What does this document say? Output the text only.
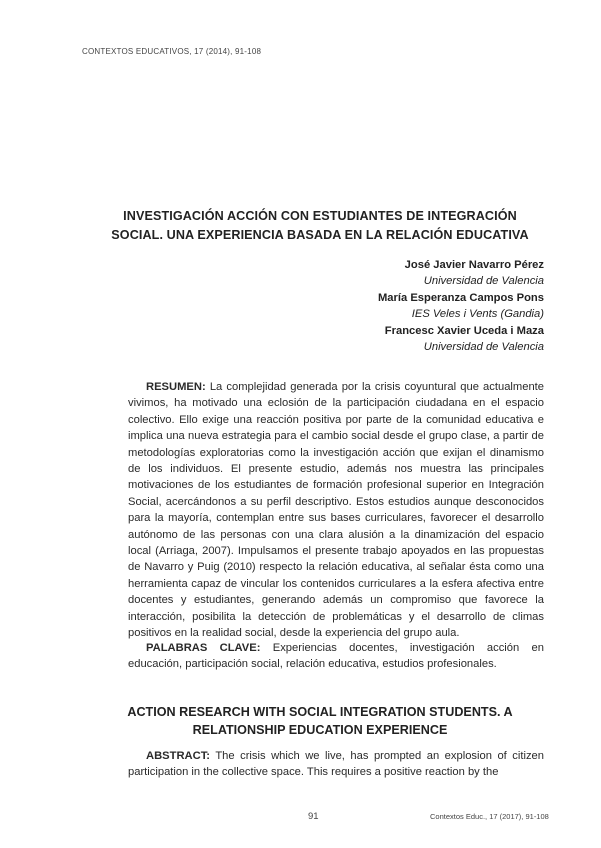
CONTEXTOS EDUCATIVOS, 17 (2014), 91-108
INVESTIGACIÓN ACCIÓN CON ESTUDIANTES DE INTEGRACIÓN
SOCIAL. UNA EXPERIENCIA BASADA EN LA RELACIÓN EDUCATIVA
José Javier Navarro Pérez
Universidad de Valencia
María Esperanza Campos Pons
IES Veles i Vents (Gandia)
Francesc Xavier Uceda i Maza
Universidad de Valencia

RESUMEN: La complejidad generada por la crisis coyuntural que actualmente vivimos, ha motivado una eclosión de la participación ciudadana en el espacio colectivo. Ello exige una reacción positiva por parte de la comunidad educativa e implica una nueva estrategia para el cambio social desde el grupo clase, a partir de metodologías exploratorias como la investigación acción que exijan el dinamismo de los individuos. El presente estudio, además nos muestra las principales motivaciones de los estudiantes de formación profesional superior en Integración Social, acercándonos a su perfil descriptivo. Estos estudios aunque desconocidos para la mayoría, contemplan entre sus bases curriculares, favorecer el desarrollo autónomo de las personas con una clara alusión a la dinamización del espacio local (Arriaga, 2007). Impulsamos el presente trabajo apoyados en las propuestas de Navarro y Puig (2010) respecto la relación educativa, al señalar ésta como una herramienta capaz de vincular los contenidos curriculares a la esfera afectiva entre docentes y estudiantes, generando además un compromiso que favorece la interacción, posibilita la detección de problemáticas y el desarrollo de climas positivos en la realidad social, desde la experiencia del grupo aula.

PALABRAS CLAVE: Experiencias docentes, investigación acción en educación, participación social, relación educativa, estudios profesionales.

ACTION RESEARCH WITH SOCIAL INTEGRATION STUDENTS. A
RELATIONSHIP EDUCATION EXPERIENCE

ABSTRACT: The crisis which we live, has prompted an explosion of citizen participation in the collective space. This requires a positive reaction by the

91	Contextos Educ., 17 (2017), 91-108
